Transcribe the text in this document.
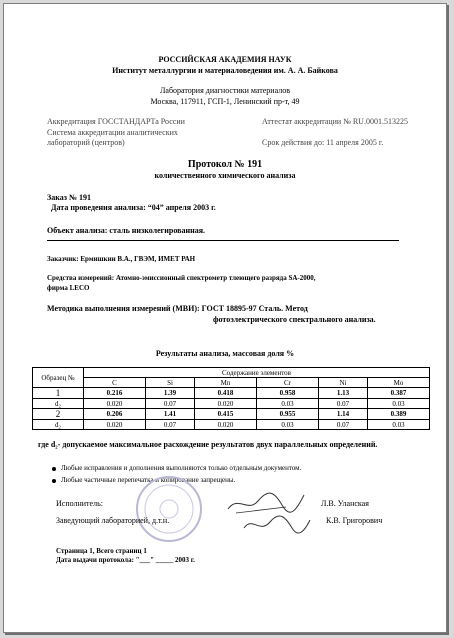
РОССИЙСКАЯ АКАДЕМИЯ НАУК
Институт металлургии и материаловедения им. А. А. Байкова
Лаборатория диагностики материалов
Москва, 117911, ГСП-1, Ленинский пр-т, 49
Аккредитация ГОССТАНДАРТа России
Система аккредитации аналитических
лабораторий (центров)
Аттестат аккредитации № RU.0001.513225
Срок действия до: 11 апреля 2005 г.
Протокол № 191
количественного химического анализа
Заказ № 191
Дата проведения анализа: “04” апреля 2003 г.
Объект анализа: сталь низколегированная.
Заказчик: Ермишкин В.А., ГВЭМ, ИМЕТ РАН
Средства измерений: Атомно-эмиссионный спектрометр тлеющего разряда SA-2000,
фирма LECO
Методика выполнения измерений (МВИ): ГОСТ 18895-97 Сталь. Метод
фотоэлектрического спектрального анализа.
Результаты анализа, массовая доля %
Образец №	Содержание элементов					
	C	Si	Mn	Cr	Ni	Mo
1	0.216	1.39	0.418	0.958	1.13	0.387
d₂	0.020	0.07	0.020	0.03	0.07	0.03
2	0.206	1.41	0.415	0.955	1.14	0.389
d₂	0.020	0.07	0.020	0.03	0.07	0.03
где d₂- допускаемое максимальное расхождение результатов двух параллельных определений.
Любые исправления и дополнения выполняются только отдельным документом.
Любые частичные перепечатка и копирование запрещены.
Исполнитель:	Л.В. Уланская
Заведующий лабораторией, д.т.н.	К.В. Григорович
Страница 1, Всего страниц 1
Дата выдачи протокола: "___" _____ 2003 г.
